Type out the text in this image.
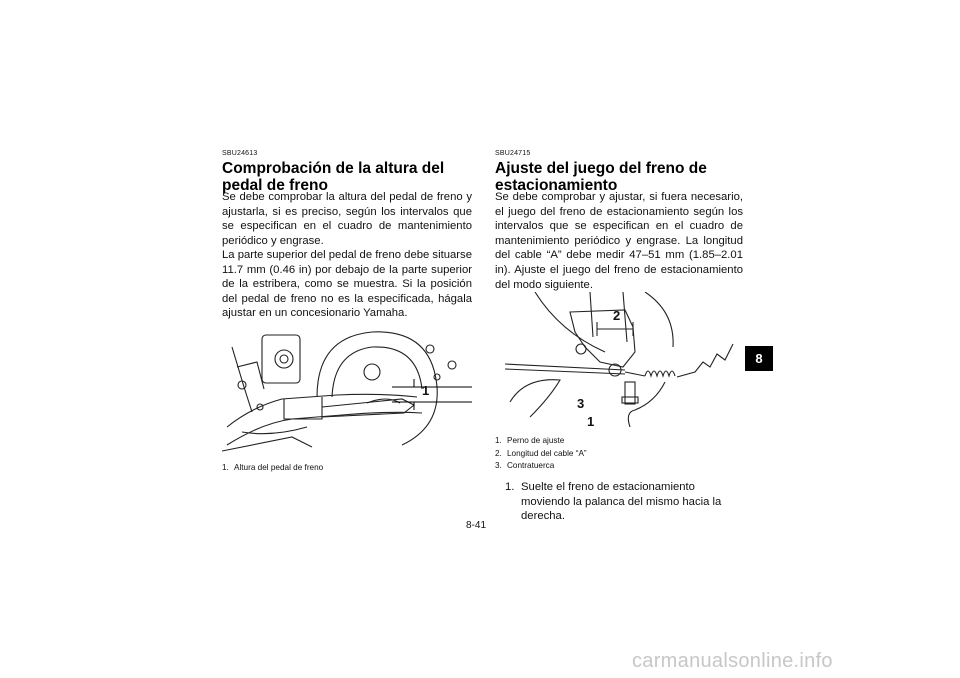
SBU24613
Comprobación de la altura del pedal de freno

Se debe comprobar la altura del pedal de freno y ajustarla, si es preciso, según los intervalos que se especifican en el cuadro de mantenimiento periódico y engrase.

La parte superior del pedal de freno debe situarse 11.7 mm (0.46 in) por debajo de la parte superior de la estribera, como se muestra. Si la posición del pedal de freno no es la especificada, hágala ajustar en un concesionario Yamaha.

1
1. Altura del pedal de freno
SBU24715
Ajuste del juego del freno de estacionamiento

Se debe comprobar y ajustar, si fuera necesario, el juego del freno de estacionamiento según los intervalos que se especifican en el cuadro de mantenimiento periódico y engrase. La longitud del cable “A” debe medir 47–51 mm (1.85–2.01 in). Ajuste el juego del freno de estacionamiento del modo siguiente.

2
3
1
1. Perno de ajuste
2. Longitud del cable “A”
3. Contratuerca
1. Suelte el freno de estacionamiento moviendo la palanca del mismo hacia la derecha.
8
8-41
carmanualsonline.info
